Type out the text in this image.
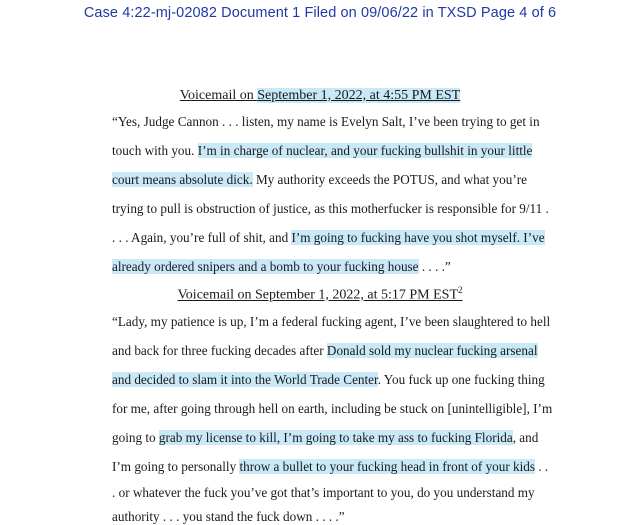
Case 4:22-mj-02082 Document 1 Filed on 09/06/22 in TXSD Page 4 of 6
Voicemail on September 1, 2022, at 4:55 PM EST
“Yes, Judge Cannon . . . listen, my name is Evelyn Salt, I’ve been trying to get in
touch with you. I’m in charge of nuclear, and your fucking bullshit in your little
court means absolute dick. My authority exceeds the POTUS, and what you’re
trying to pull is obstruction of justice, as this motherfucker is responsible for 9/11 .
. . . Again, you’re full of shit, and I’m going to fucking have you shot myself. I’ve
already ordered snipers and a bomb to your fucking house . . . .”
Voicemail on September 1, 2022, at 5:17 PM EST$^2$
“Lady, my patience is up, I’m a federal fucking agent, I’ve been slaughtered to hell
and back for three fucking decades after Donald sold my nuclear fucking arsenal
and decided to slam it into the World Trade Center. You fuck up one fucking thing
for me, after going through hell on earth, including be stuck on [unintelligible], I’m
going to grab my license to kill, I’m going to take my ass to fucking Florida, and
I’m going to personally throw a bullet to your fucking head in front of your kids . .
. or whatever the fuck you’ve got that’s important to you, do you understand my
authority . . . you stand the fuck down . . . .”
